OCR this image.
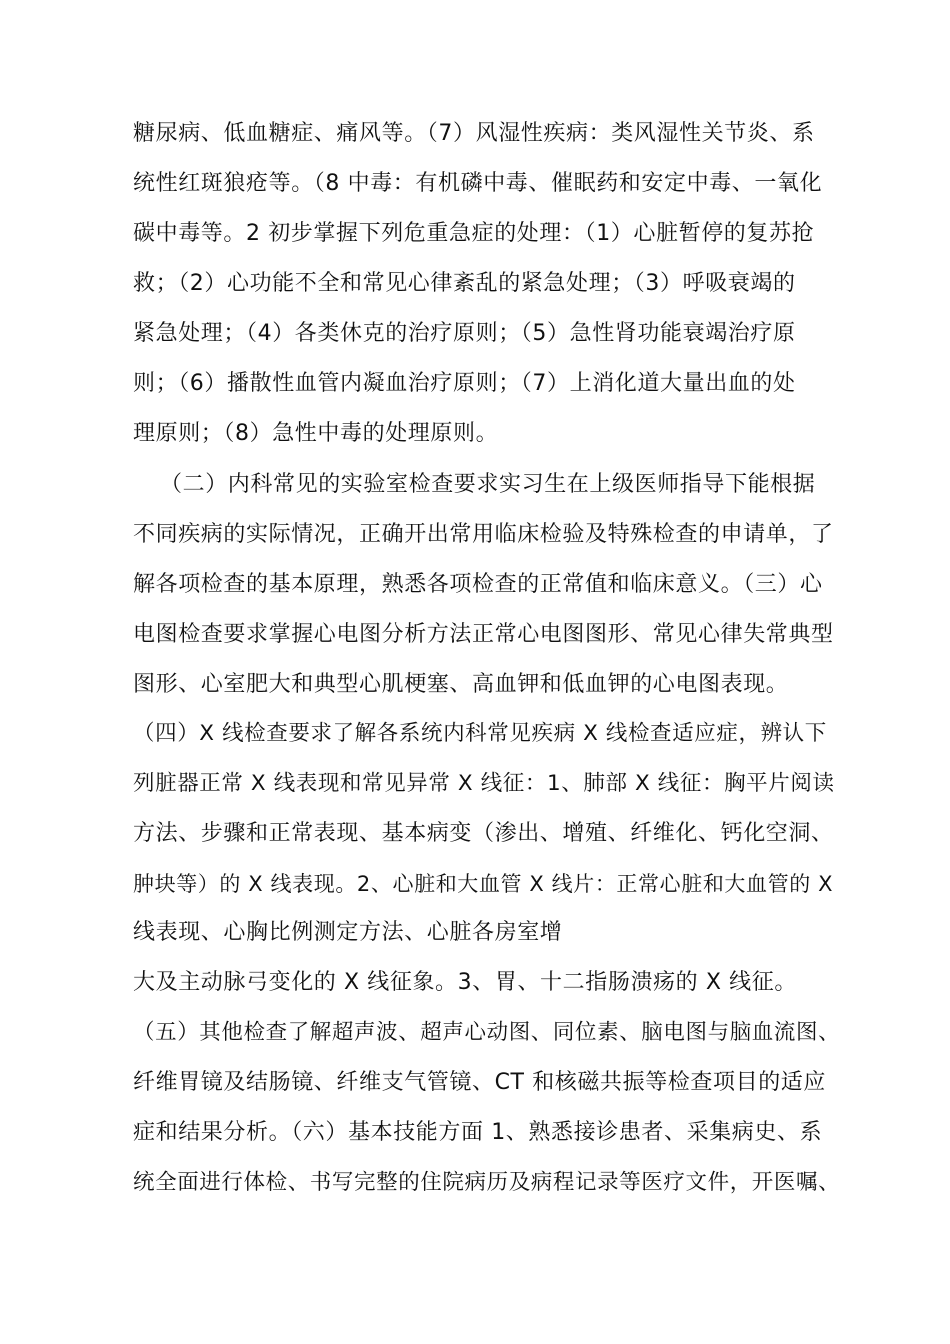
糖尿病、低血糖症、痛风等。（7）风湿性疾病：类风湿性关节炎、系
统性红斑狼疮等。（8 中毒：有机磷中毒、催眠药和安定中毒、一氧化
碳中毒等。2 初步掌握下列危重急症的处理：（1）心脏暂停的复苏抢
救；（2）心功能不全和常见心律紊乱的紧急处理；（3）呼吸衰竭的
紧急处理；（4）各类休克的治疗原则；（5）急性肾功能衰竭治疗原
则；（6）播散性血管内凝血治疗原则；（7）上消化道大量出血的处
理原则；（8）急性中毒的处理原则。
（二）内科常见的实验室检查要求实习生在上级医师指导下能根据
不同疾病的实际情况，正确开出常用临床检验及特殊检查的申请单，了
解各项检查的基本原理，熟悉各项检查的正常值和临床意义。（三）心
电图检查要求掌握心电图分析方法正常心电图图形、常见心律失常典型
图形、心室肥大和典型心肌梗塞、高血钾和低血钾的心电图表现。
（四）X 线检查要求了解各系统内科常见疾病 X 线检查适应症，辨认下
列脏器正常 X 线表现和常见异常 X 线征：1、肺部 X 线征：胸平片阅读
方法、步骤和正常表现、基本病变（渗出、增殖、纤维化、钙化空洞、
肿块等）的 X 线表现。2、心脏和大血管 X 线片：正常心脏和大血管的 X
线表现、心胸比例测定方法、心脏各房室增
大及主动脉弓变化的 X 线征象。3、胃、十二指肠溃疡的 X 线征。
（五）其他检查了解超声波、超声心动图、同位素、脑电图与脑血流图、
纤维胃镜及结肠镜、纤维支气管镜、CT 和核磁共振等检查项目的适应
症和结果分析。（六）基本技能方面 1、熟悉接诊患者、采集病史、系
统全面进行体检、书写完整的住院病历及病程记录等医疗文件，开医嘱、
